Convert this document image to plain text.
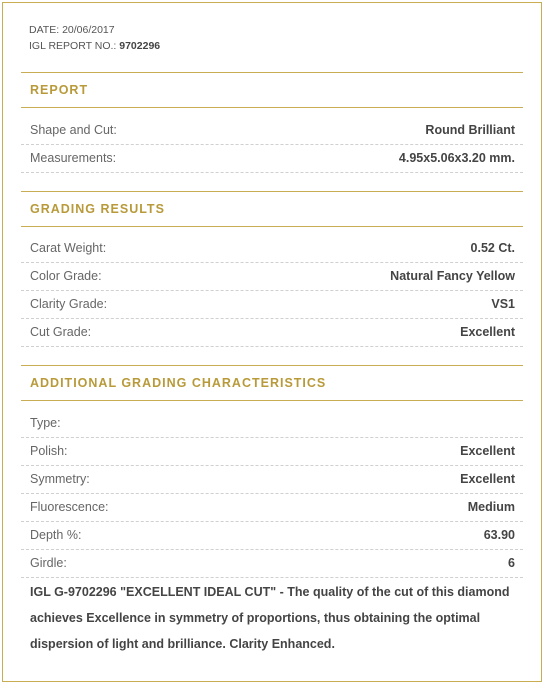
DATE: 20/06/2017
IGL REPORT NO.: 9702296
REPORT
Shape and Cut:	Round Brilliant
Measurements:	4.95x5.06x3.20 mm.
GRADING RESULTS
Carat Weight:	0.52 Ct.
Color Grade:	Natural Fancy Yellow
Clarity Grade:	VS1
Cut Grade:	Excellent
ADDITIONAL GRADING CHARACTERISTICS
Type:
Polish:	Excellent
Symmetry:	Excellent
Fluorescence:	Medium
Depth %:	63.90
Girdle:	6
IGL G-9702296 "EXCELLENT IDEAL CUT" - The quality of the cut of this diamond achieves Excellence in symmetry of proportions, thus obtaining the optimal dispersion of light and brilliance. Clarity Enhanced.
